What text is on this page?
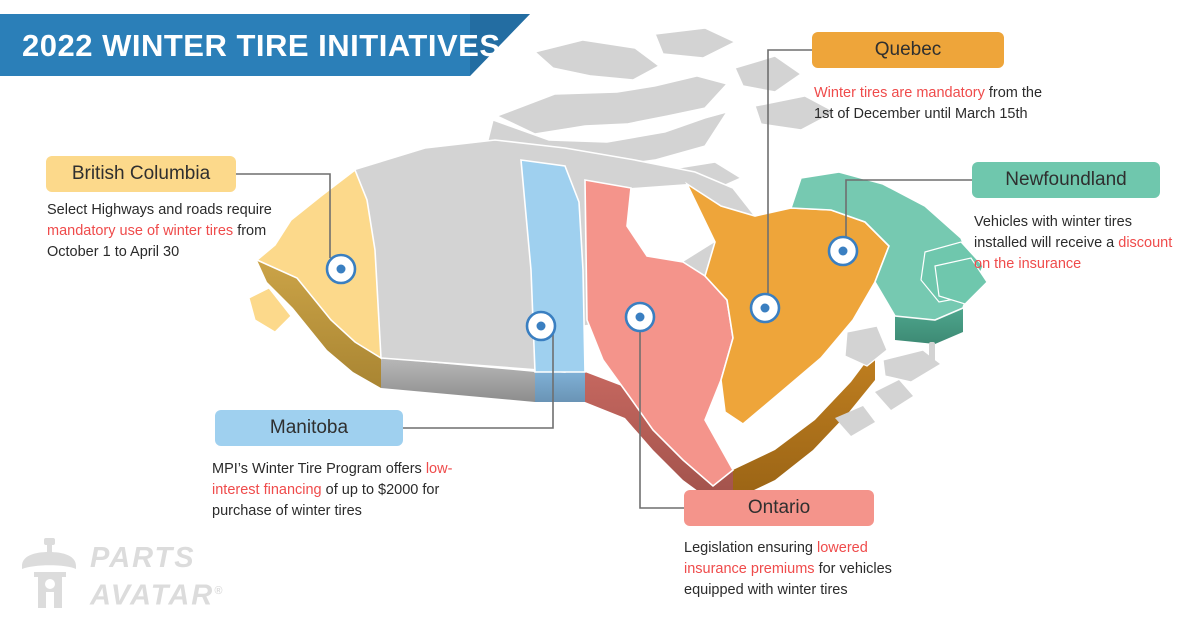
2022 WINTER TIRE INITIATIVES
British Columbia
Quebec
Newfoundland
Manitoba
Ontario
Select Highways and roads require mandatory use of winter tires from October 1 to April 30
Winter tires are mandatory from the 1st of December until March 15th
Vehicles with winter tires installed will receive a discount on the insurance
MPI’s Winter Tire Program offers low-interest financing of up to $2000 for purchase of winter tires
Legislation ensuring lowered insurance premiums for vehicles equipped with winter tires
PARTS
AVATAR®
